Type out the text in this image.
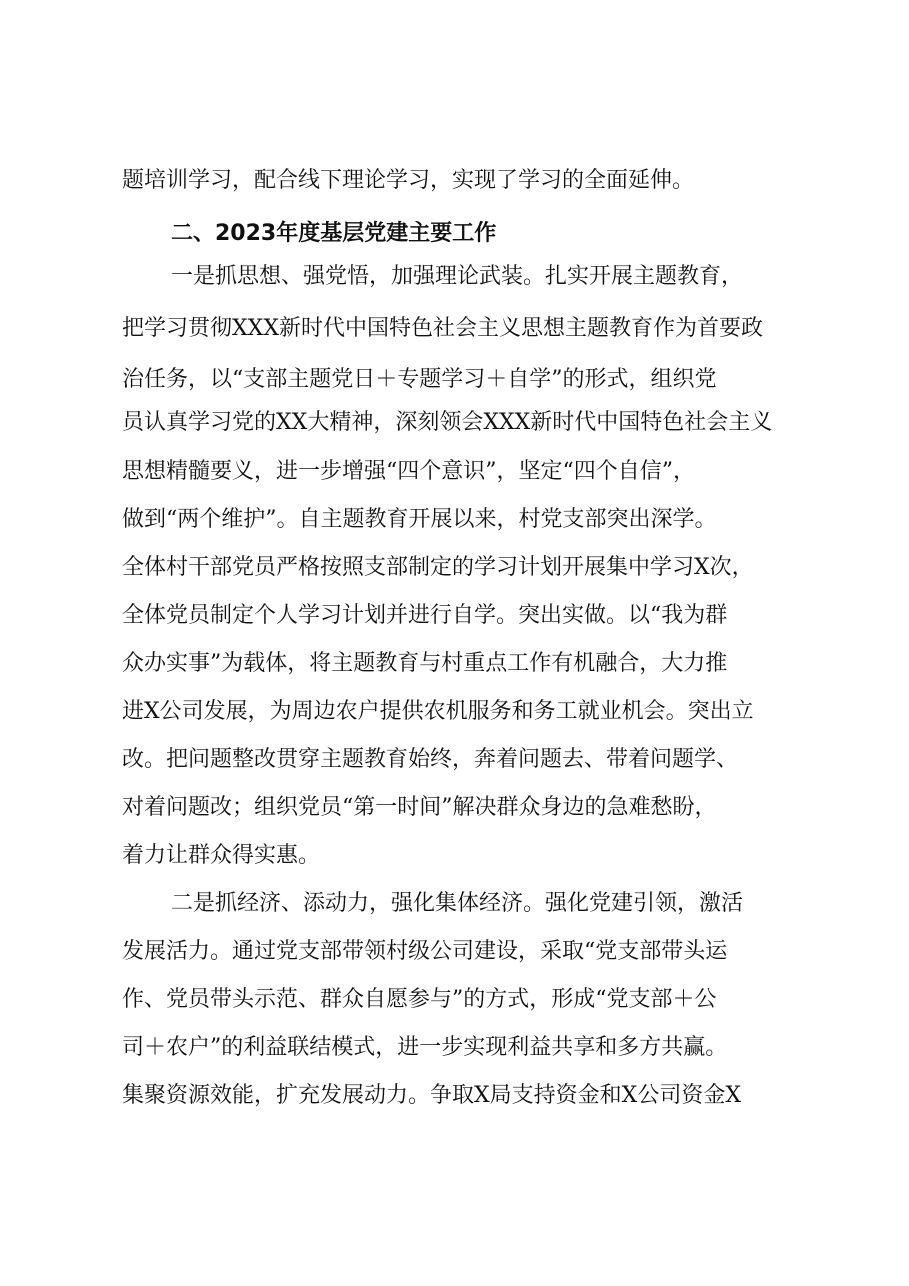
题培训学习，配合线下理论学习，实现了学习的全面延伸。
二、2023年度基层党建主要工作
一是抓思想、强党悟，加强理论武装。扎实开展主题教育，
把学习贯彻XXX新时代中国特色社会主义思想主题教育作为首要政
治任务，以“支部主题党日＋专题学习＋自学”的形式，组织党
员认真学习党的XX大精神，深刻领会XXX新时代中国特色社会主义
思想精髓要义，进一步增强“四个意识”，坚定“四个自信”，
做到“两个维护”。自主题教育开展以来，村党支部突出深学。
全体村干部党员严格按照支部制定的学习计划开展集中学习X次，
全体党员制定个人学习计划并进行自学。突出实做。以“我为群
众办实事”为载体，将主题教育与村重点工作有机融合，大力推
进X公司发展，为周边农户提供农机服务和务工就业机会。突出立
改。把问题整改贯穿主题教育始终，奔着问题去、带着问题学、
对着问题改；组织党员“第一时间”解决群众身边的急难愁盼，
着力让群众得实惠。
二是抓经济、添动力，强化集体经济。强化党建引领，激活
发展活力。通过党支部带领村级公司建设，采取“党支部带头运
作、党员带头示范、群众自愿参与”的方式，形成“党支部＋公
司＋农户”的利益联结模式，进一步实现利益共享和多方共赢。
集聚资源效能，扩充发展动力。争取X局支持资金和X公司资金X
